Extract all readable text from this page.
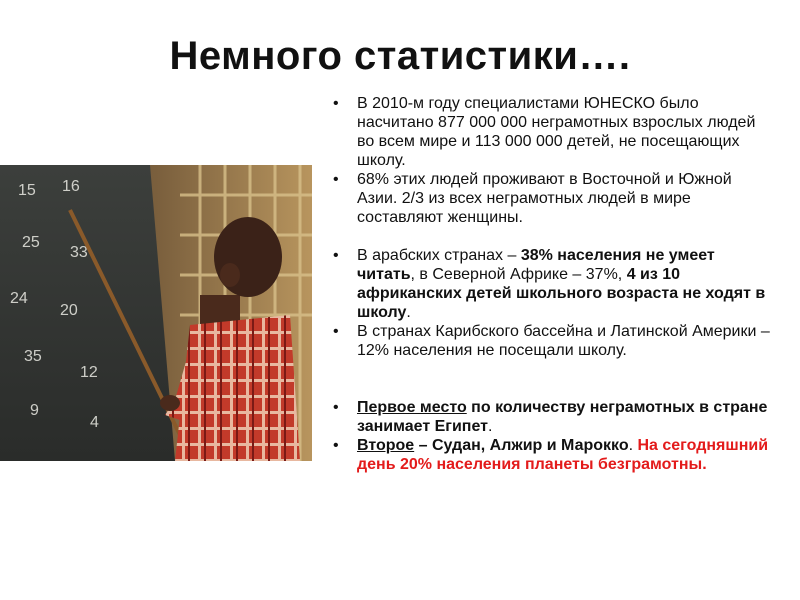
Немного статистики….
15 16
25
33
24
20
35
12
9
4
• В 2010-м году специалистами ЮНЕСКО было насчитано 877 000 000 неграмотных взрослых людей во всем мире и 113 000 000 детей, не посещающих школу.
• 68% этих людей проживают в Восточной и Южной Азии. 2/3 из всех неграмотных людей в мире составляют женщины.
• В арабских странах – 38% населения не умеет читать, в Северной Африке – 37%, 4 из 10 африканских детей школьного возраста не ходят в школу.
• В странах Карибского бассейна и Латинской Америки – 12% населения не посещали школу.
• Первое место по количеству неграмотных в стране занимает Египет.
• Второе – Судан, Алжир и Марокко. На сегодняшний день 20% населения планеты безграмотны.
